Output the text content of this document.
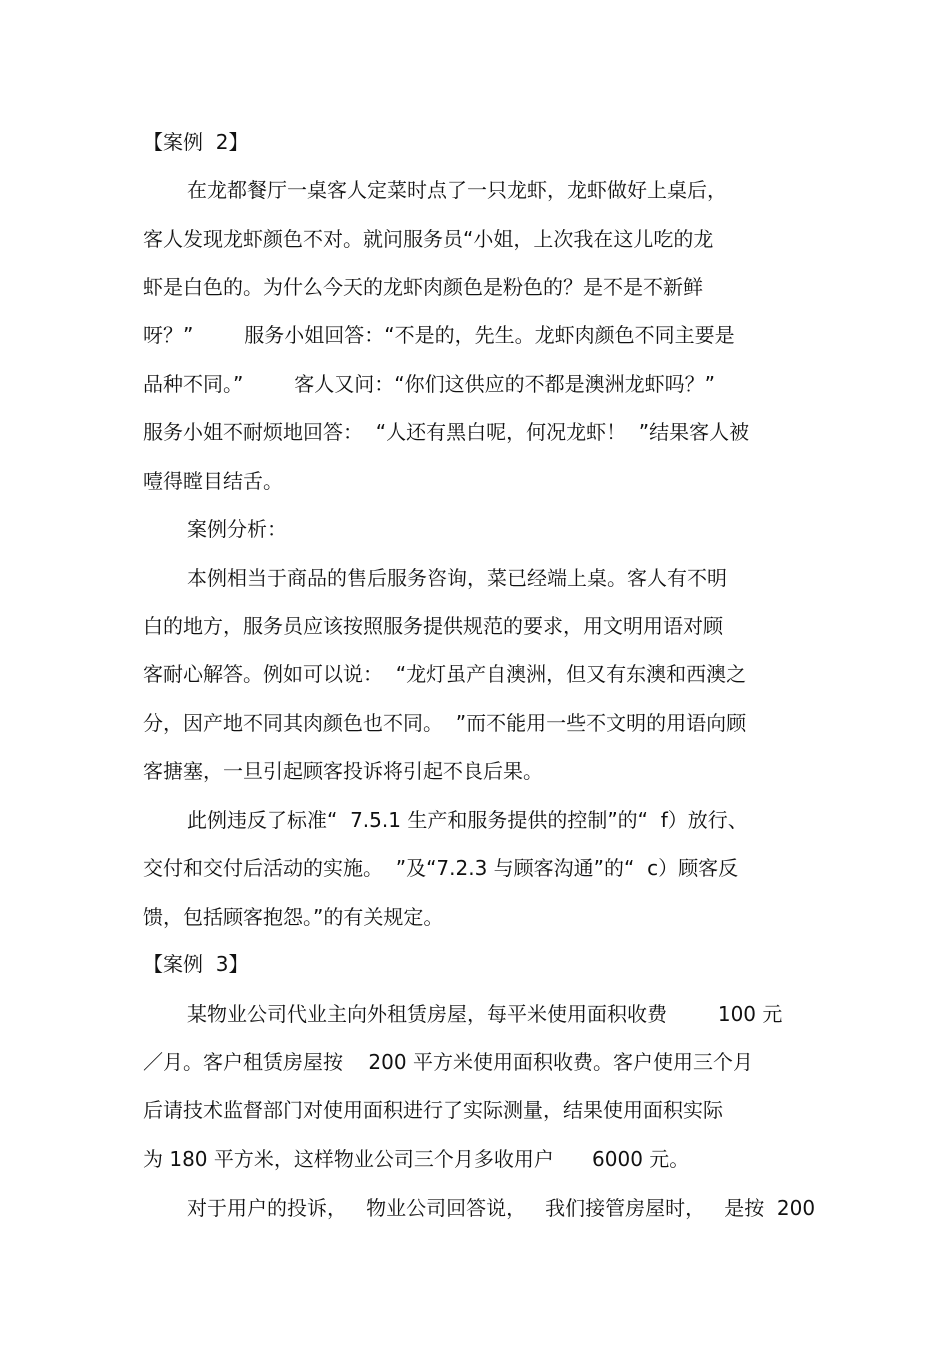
【案例  2】
在龙都餐厅一桌客人定菜时点了一只龙虾，龙虾做好上桌后，
客人发现龙虾颜色不对。就问服务员“小姐，上次我在这儿吃的龙
虾是白色的。为什么今天的龙虾肉颜色是粉色的？是不是不新鲜
呀？”        服务小姐回答：“不是的，先生。龙虾肉颜色不同主要是
品种不同。”        客人又问：“你们这供应的不都是澳洲龙虾吗？”
服务小姐不耐烦地回答：  “人还有黑白呢，何况龙虾！  ”结果客人被
噎得瞠目结舌。
案例分析：
本例相当于商品的售后服务咨询，菜已经端上桌。客人有不明
白的地方，服务员应该按照服务提供规范的要求，用文明用语对顾
客耐心解答。例如可以说：  “龙灯虽产自澳洲，但又有东澳和西澳之
分，因产地不同其肉颜色也不同。  ”而不能用一些不文明的用语向顾
客搪塞，一旦引起顾客投诉将引起不良后果。
此例违反了标准“  7.5.1 生产和服务提供的控制”的“  f）放行、
交付和交付后活动的实施。  ”及“7.2.3 与顾客沟通”的“  c）顾客反
馈，包括顾客抱怨。”的有关规定。
【案例  3】
某物业公司代业主向外租赁房屋，每平米使用面积收费        100 元
／月。客户租赁房屋按    200 平方米使用面积收费。客户使用三个月
后请技术监督部门对使用面积进行了实际测量，结果使用面积实际
为 180 平方米，这样物业公司三个月多收用户      6000 元。
对于用户的投诉，   物业公司回答说，   我们接管房屋时，   是按  200
